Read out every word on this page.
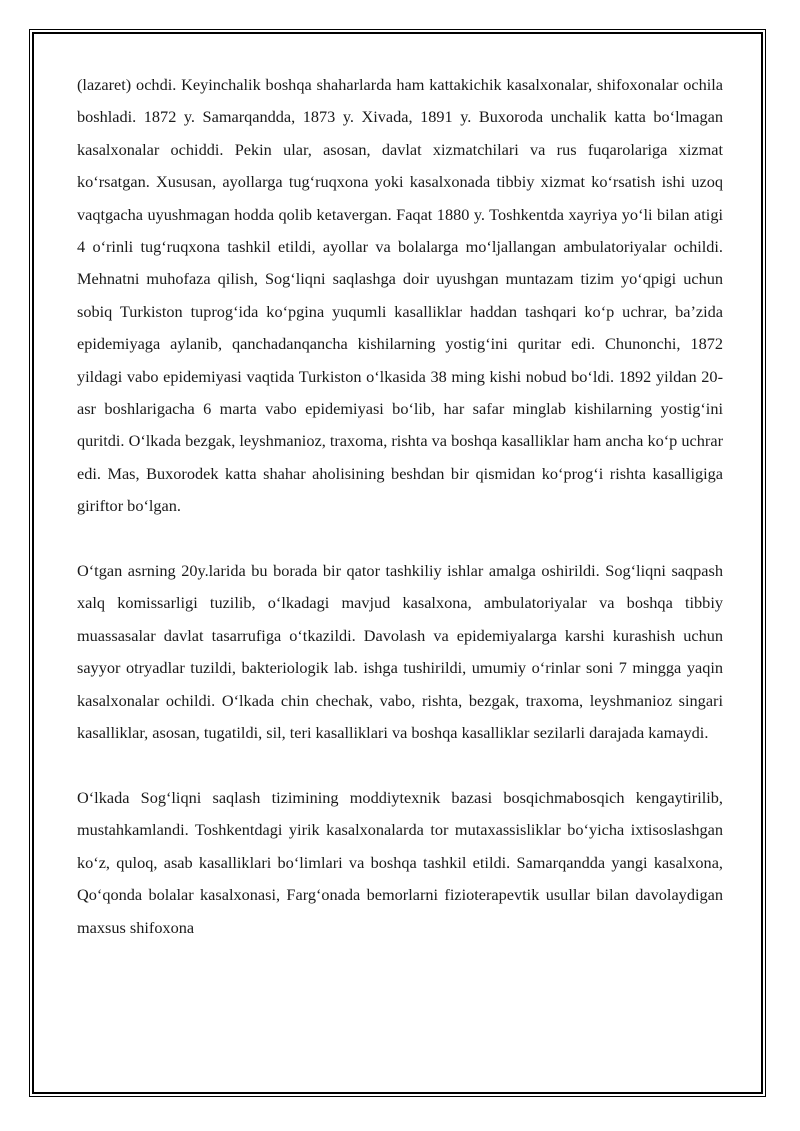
(lazaret) ochdi. Keyinchalik boshqa shaharlarda ham kattakichik kasalxonalar, shifoxonalar ochila boshladi. 1872 y. Samarqandda, 1873 y. Xivada, 1891 y. Buxoroda unchalik katta bo‘lmagan kasalxonalar ochiddi. Pekin ular, asosan, davlat xizmatchilari va rus fuqarolariga xizmat ko‘rsatgan. Xususan, ayollarga tug‘ruqxona yoki kasalxonada tibbiy xizmat ko‘rsatish ishi uzoq vaqtgacha uyushmagan hodda qolib ketavergan. Faqat 1880 y. Toshkentda xayriya yo‘li bilan atigi 4 o‘rinli tug‘ruqxona tashkil etildi, ayollar va bolalarga mo‘ljallangan ambulatoriyalar ochildi. Mehnatni muhofaza qilish, Sog‘liqni saqlashga doir uyushgan muntazam tizim yo‘qpigi uchun sobiq Turkiston tuprog‘ida ko‘pgina yuqumli kasalliklar haddan tashqari ko‘p uchrar, ba’zida epidemiyaga aylanib, qanchadanqancha kishilarning yostig‘ini quritar edi. Chunonchi, 1872 yildagi vabo epidemiyasi vaqtida Turkiston o‘lkasida 38 ming kishi nobud bo‘ldi. 1892 yildan 20-asr boshlarigacha 6 marta vabo epidemiyasi bo‘lib, har safar minglab kishilarning yostig‘ini quritdi. O‘lkada bezgak, leyshmanioz, traxoma, rishta va boshqa kasalliklar ham ancha ko‘p uchrar edi. Mas, Buxorodek katta shahar aholisining beshdan bir qismidan ko‘prog‘i rishta kasalligiga giriftor bo‘lgan.

O‘tgan asrning 20y.larida bu borada bir qator tashkiliy ishlar amalga oshirildi. Sog‘liqni saqpash xalq komissarligi tuzilib, o‘lkadagi mavjud kasalxona, ambulatoriyalar va boshqa tibbiy muassasalar davlat tasarrufiga o‘tkazildi. Davolash va epidemiyalarga karshi kurashish uchun sayyor otryadlar tuzildi, bakteriologik lab. ishga tushirildi, umumiy o‘rinlar soni 7 mingga yaqin kasalxonalar ochildi. O‘lkada chin chechak, vabo, rishta, bezgak, traxoma, leyshmanioz singari kasalliklar, asosan, tugatildi, sil, teri kasalliklari va boshqa kasalliklar sezilarli darajada kamaydi.

O‘lkada Sog‘liqni saqlash tizimining moddiytexnik bazasi bosqichmabosqich kengaytirilib, mustahkamlandi. Toshkentdagi yirik kasalxonalarda tor mutaxassisliklar bo‘yicha ixtisoslashgan ko‘z, quloq, asab kasalliklari bo‘limlari va boshqa tashkil etildi. Samarqandda yangi kasalxona, Qo‘qonda bolalar kasalxonasi, Farg‘onada bemorlarni fizioterapevtik usullar bilan davolaydigan maxsus shifoxona
